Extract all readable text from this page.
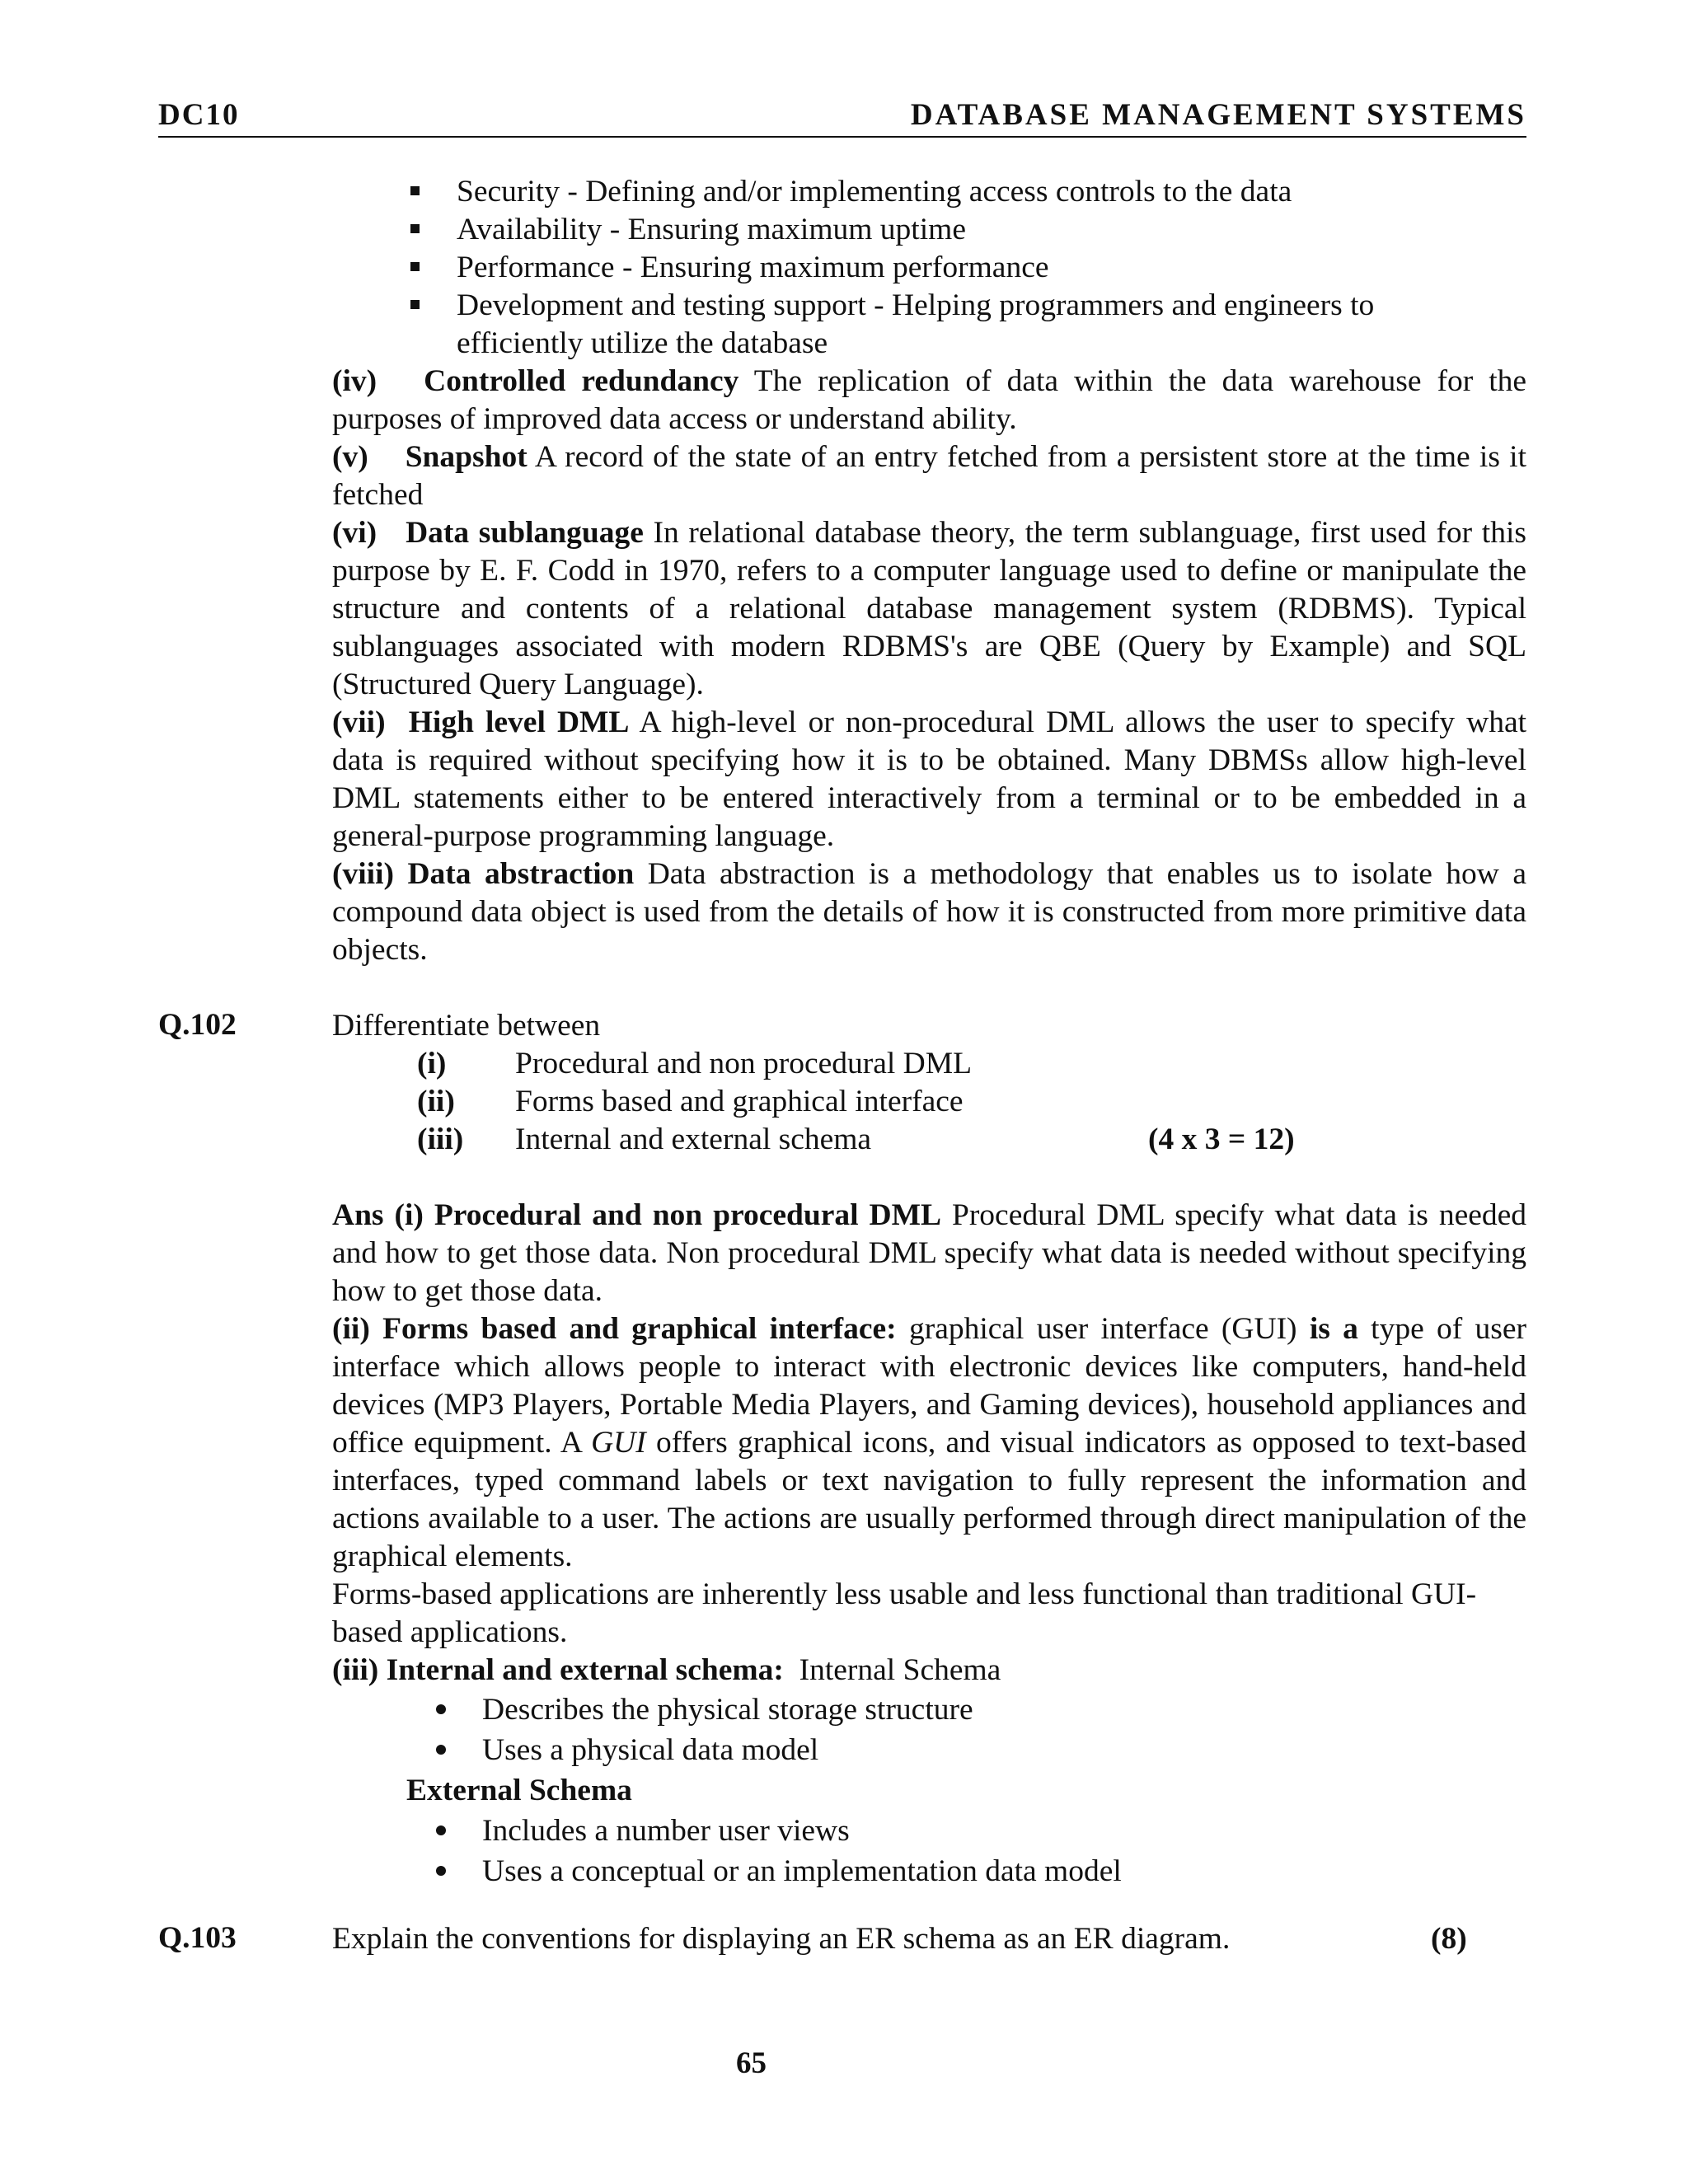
DC10	DATABASE MANAGEMENT SYSTEMS
Security - Defining and/or implementing access controls to the data
Availability - Ensuring maximum uptime
Performance - Ensuring maximum performance
Development and testing support - Helping programmers and engineers to efficiently utilize the database

(iv) Controlled redundancy The replication of data within the data warehouse for the purposes of improved data access or understand ability.

(v) Snapshot A record of the state of an entry fetched from a persistent store at the time is it fetched

(vi) Data sublanguage In relational database theory, the term sublanguage, first used for this purpose by E. F. Codd in 1970, refers to a computer language used to define or manipulate the structure and contents of a relational database management system (RDBMS). Typical sublanguages associated with modern RDBMS's are QBE (Query by Example) and SQL (Structured Query Language).

(vii) High level DML A high-level or non-procedural DML allows the user to specify what data is required without specifying how it is to be obtained. Many DBMSs allow high-level DML statements either to be entered interactively from a terminal or to be embedded in a general-purpose programming language.

(viii) Data abstraction Data abstraction is a methodology that enables us to isolate how a compound data object is used from the details of how it is constructed from more primitive data objects.

Q.102	Differentiate between

(i) Procedural and non procedural DML
(ii) Forms based and graphical interface
(iii) Internal and external schema	(4 x 3 = 12)

Ans (i) Procedural and non procedural DML Procedural DML specify what data is needed and how to get those data. Non procedural DML specify what data is needed without specifying how to get those data.

(ii) Forms based and graphical interface: graphical user interface (GUI) is a type of user interface which allows people to interact with electronic devices like computers, hand-held devices (MP3 Players, Portable Media Players, and Gaming devices), household appliances and office equipment. A GUI offers graphical icons, and visual indicators as opposed to text-based interfaces, typed command labels or text navigation to fully represent the information and actions available to a user. The actions are usually performed through direct manipulation of the graphical elements.

Forms-based applications are inherently less usable and less functional than traditional GUI-based applications.

(iii) Internal and external schema: Internal Schema

Describes the physical storage structure
Uses a physical data model
External Schema
Includes a number user views
Uses a conceptual or an implementation data model
Q.103	Explain the conventions for displaying an ER schema as an ER diagram.	(8)
65
